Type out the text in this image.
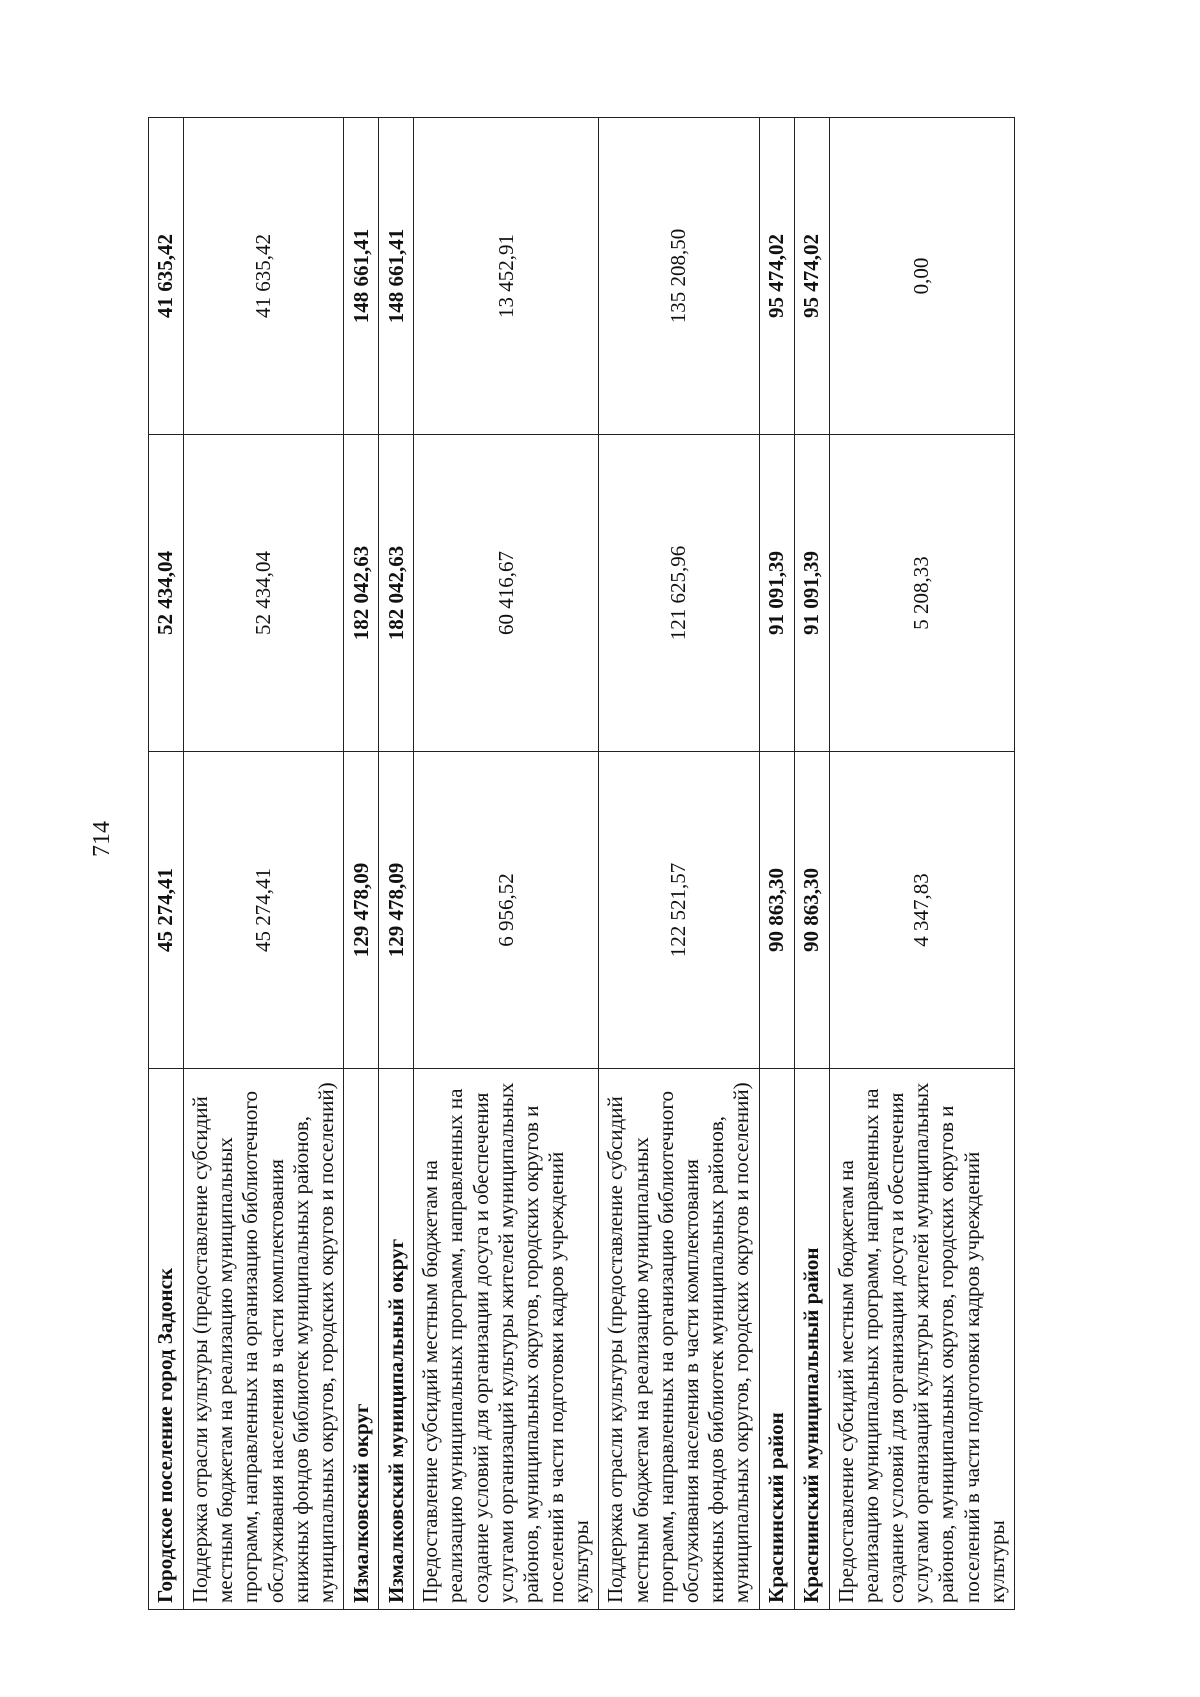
714
Городское поселение город Задонск	45 274,41	52 434,04	41 635,42
Поддержка отрасли культуры (предоставление субсидий местным бюджетам на реализацию муниципальных программ, направленных на организацию библиотечного обслуживания населения в части комплектования книжных фондов библиотек муниципальных районов, муниципальных округов, городских округов и поселений)	45 274,41	52 434,04	41 635,42
Измалковский округ	129 478,09	182 042,63	148 661,41
Измалковский муниципальный округ	129 478,09	182 042,63	148 661,41
Предоставление субсидий местным бюджетам на реализацию муниципальных программ, направленных на создание условий для организации досуга и обеспечения услугами организаций культуры жителей муниципальных районов, муниципальных округов, городских округов и поселений в части подготовки кадров учреждений культуры	6 956,52	60 416,67	13 452,91
Поддержка отрасли культуры (предоставление субсидий местным бюджетам на реализацию муниципальных программ, направленных на организацию библиотечного обслуживания населения в части комплектования книжных фондов библиотек муниципальных районов, муниципальных округов, городских округов и поселений)	122 521,57	121 625,96	135 208,50
Краснинский район	90 863,30	91 091,39	95 474,02
Краснинский муниципальный район	90 863,30	91 091,39	95 474,02
Предоставление субсидий местным бюджетам на реализацию муниципальных программ, направленных на создание условий для организации досуга и обеспечения услугами организаций культуры жителей муниципальных районов, муниципальных округов, городских округов и поселений в части подготовки кадров учреждений культуры	4 347,83	5 208,33	0,00
